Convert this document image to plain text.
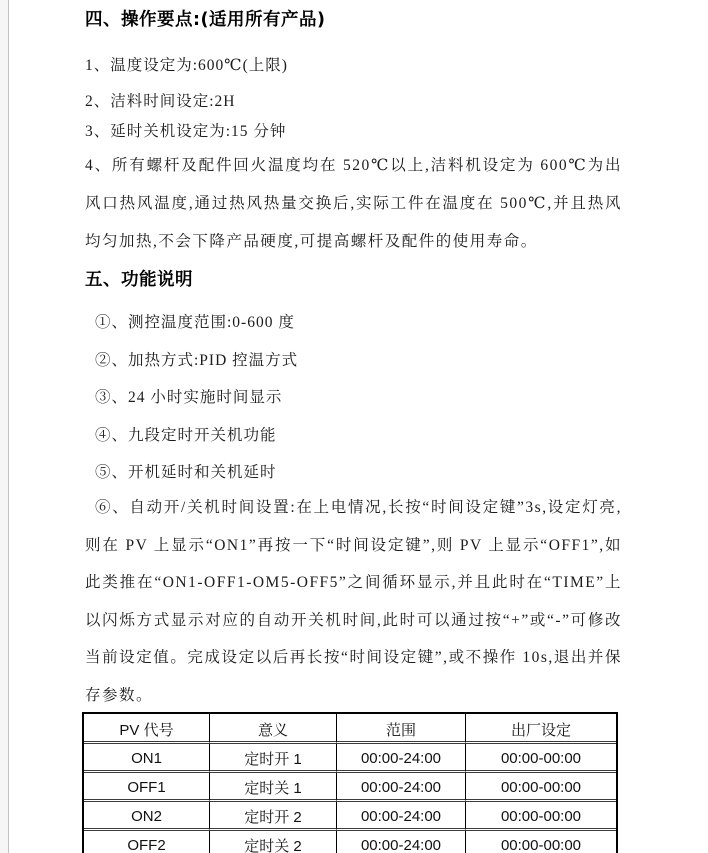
四、操作要点:(适用所有产品)
1、温度设定为:600℃(上限)
2、洁料时间设定:2H
3、延时关机设定为:15 分钟
4、所有螺杆及配件回火温度均在 520℃以上,洁料机设定为 600℃为出风口热风温度,通过热风热量交换后,实际工件在温度在 500℃,并且热风均匀加热,不会下降产品硬度,可提高螺杆及配件的使用寿命。
五、功能说明
①、测控温度范围:0-600 度
②、加热方式:PID 控温方式
③、24 小时实施时间显示
④、九段定时开关机功能
⑤、开机延时和关机延时
⑥、自动开/关机时间设置:在上电情况,长按“时间设定键”3s,设定灯亮,则在 PV 上显示“ON1”再按一下“时间设定键”,则 PV 上显示“OFF1”,如此类推在“ON1-OFF1-OM5-OFF5”之间循环显示,并且此时在“TIME”上以闪烁方式显示对应的自动开关机时间,此时可以通过按“+”或“-”可修改当前设定值。完成设定以后再长按“时间设定键”,或不操作 10s,退出并保存参数。
PV 代号	意义	范围	出厂设定
ON1	定时开 1	00:00-24:00	00:00-00:00
OFF1	定时关 1	00:00-24:00	00:00-00:00
ON2	定时开 2	00:00-24:00	00:00-00:00
OFF2	定时关 2	00:00-24:00	00:00-00:00
